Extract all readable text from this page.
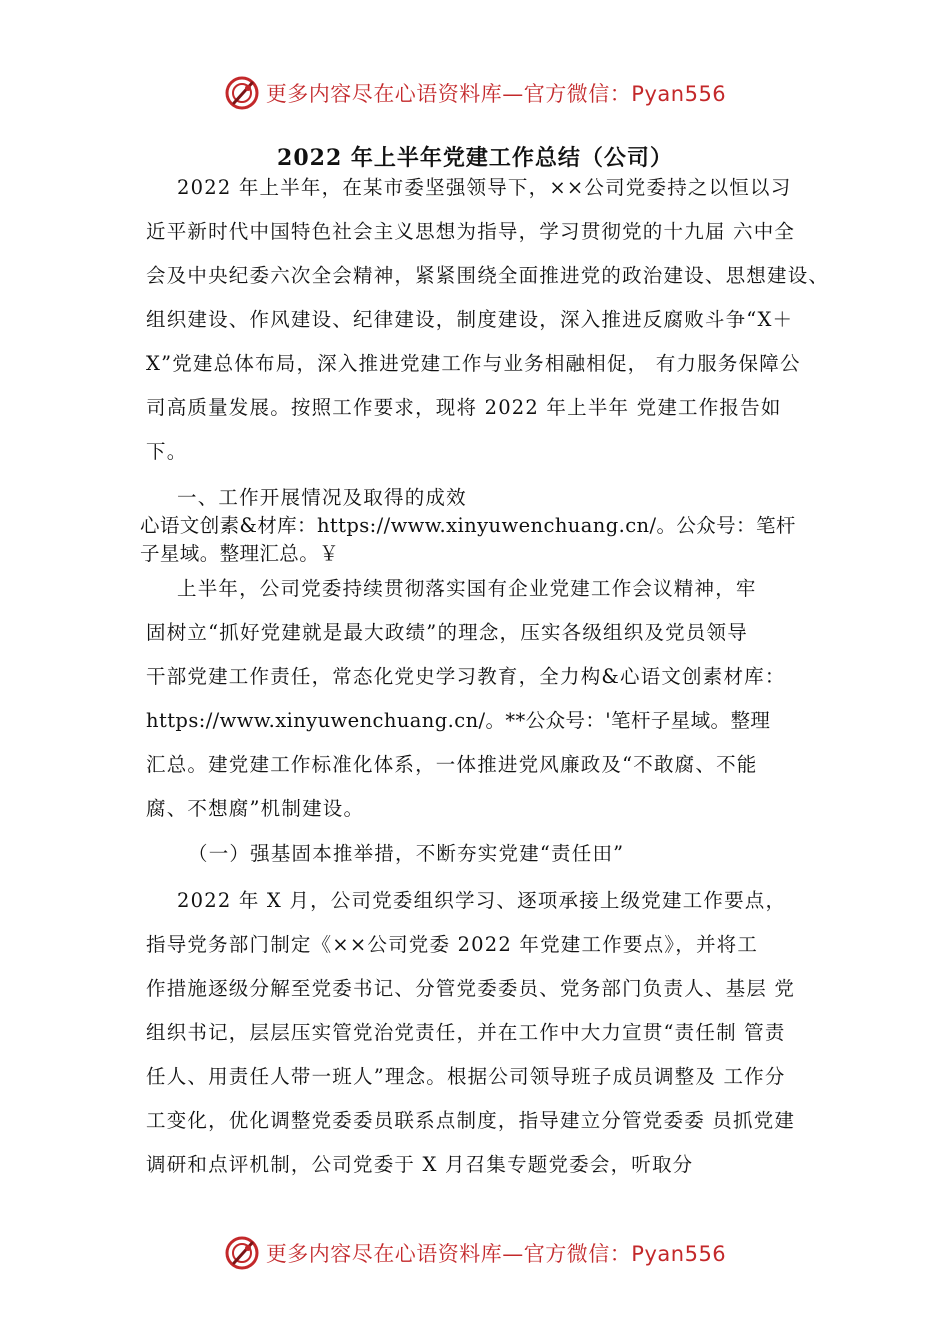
更多内容尽在心语资料库—官方微信：Pyan556
2022 年上半年党建工作总结（公司）
2022 年上半年，在某市委坚强领导下，××公司党委持之以恒以习
近平新时代中国特色社会主义思想为指导，学习贯彻党的十九届 六中全
会及中央纪委六次全会精神，紧紧围绕全面推进党的政治建设、思想建设、
组织建设、作风建设、纪律建设，制度建设，深入推进反腐败斗争“X＋
X”党建总体布局，深入推进党建工作与业务相融相促， 有力服务保障公
司高质量发展。按照工作要求，现将 2022 年上半年 党建工作报告如
下。
一、工作开展情况及取得的成效
心语文创素&材库：https://www.xinyuwenchuang.cn/。公众号：笔杆
子星域。整理汇总。￥
上半年，公司党委持续贯彻落实国有企业党建工作会议精神，牢
固树立“抓好党建就是最大政绩”的理念，压实各级组织及党员领导
干部党建工作责任，常态化党史学习教育，全力构&心语文创素材库：
https://www.xinyuwenchuang.cn/。**公众号：'笔杆子星域。整理
汇总。建党建工作标准化体系，一体推进党风廉政及“不敢腐、不能
腐、不想腐”机制建设。
（一）强基固本推举措，不断夯实党建“责任田”
2022 年 X 月，公司党委组织学习、逐项承接上级党建工作要点，
指导党务部门制定《××公司党委 2022 年党建工作要点》，并将工
作措施逐级分解至党委书记、分管党委委员、党务部门负责人、基层 党
组织书记，层层压实管党治党责任，并在工作中大力宣贯“责任制 管责
任人、用责任人带一班人”理念。根据公司领导班子成员调整及 工作分
工变化，优化调整党委委员联系点制度，指导建立分管党委委 员抓党建
调研和点评机制，公司党委于 X 月召集专题党委会，听取分
更多内容尽在心语资料库—官方微信：Pyan556
